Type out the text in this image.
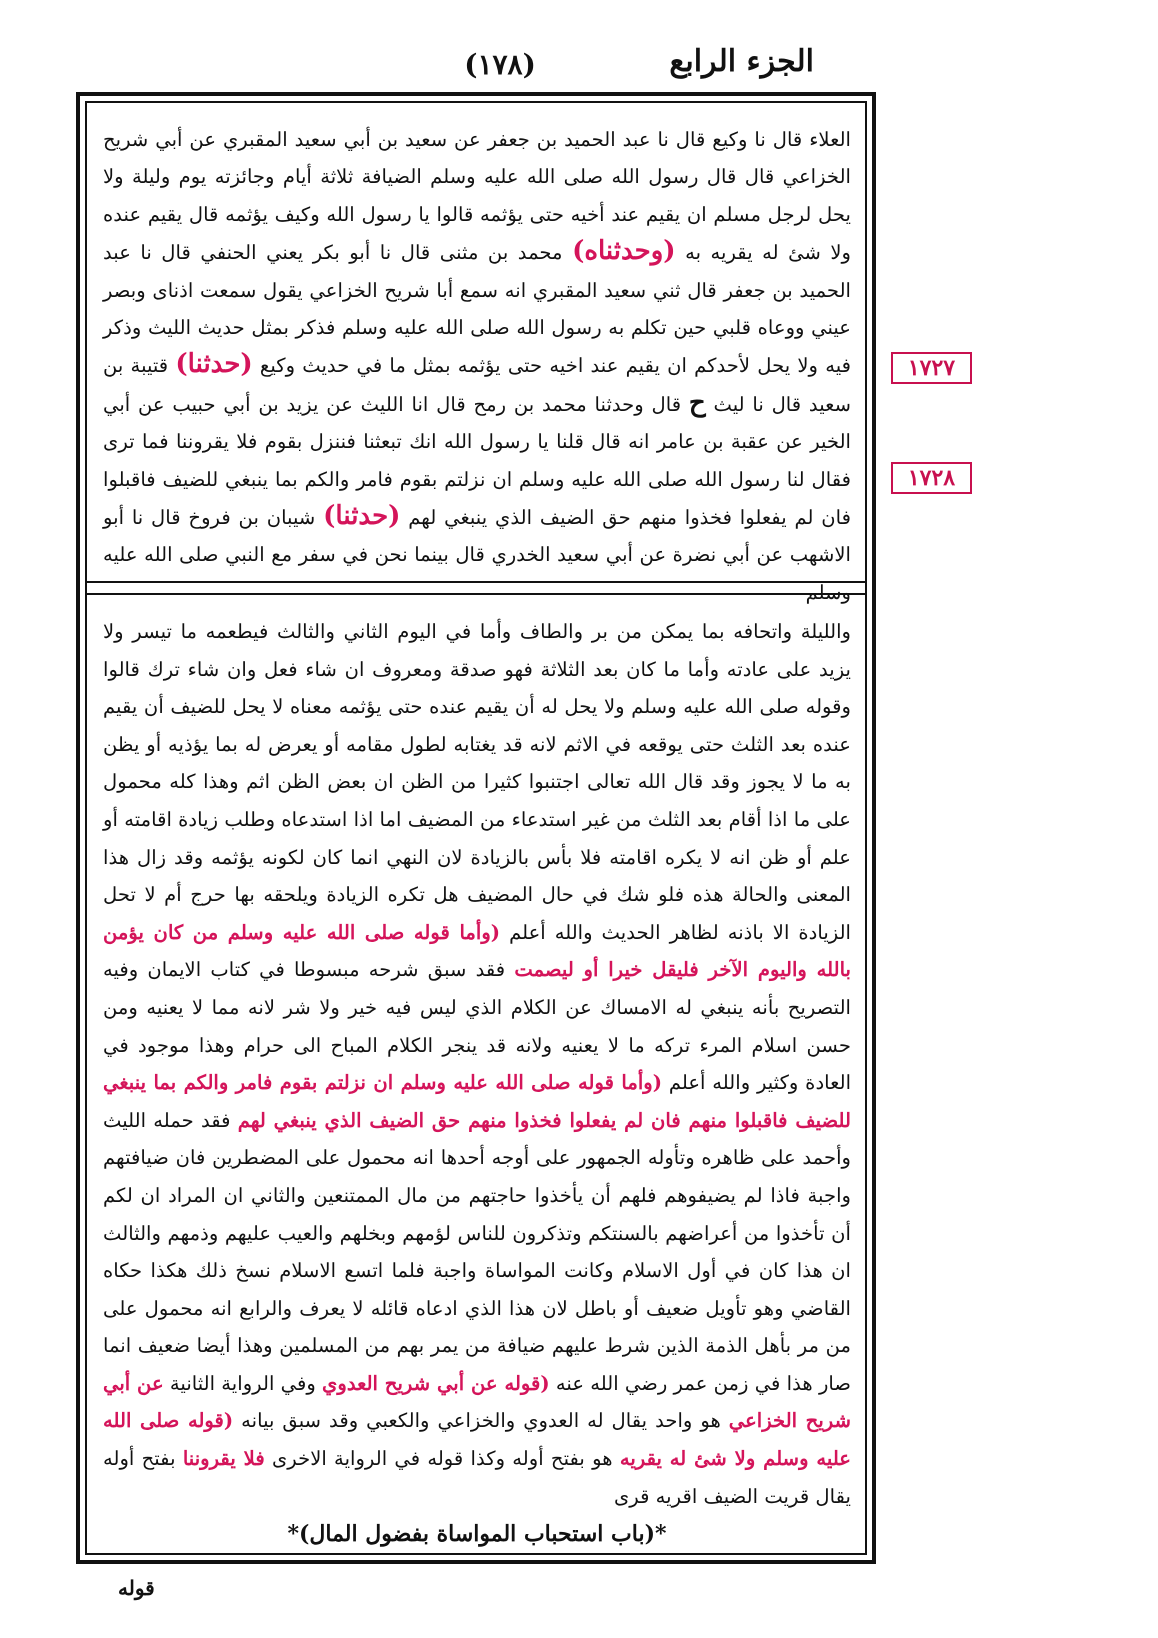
الجزء الرابع
(١٧٨)
العلاء قال نا وكيع قال نا عبد الحميد بن جعفر عن سعيد بن أبي سعيد المقبري عن أبي شريح الخزاعي قال قال رسول الله صلى الله عليه وسلم الضيافة ثلاثة أيام وجائزته يوم وليلة ولا يحل لرجل مسلم ان يقيم عند أخيه حتى يؤثمه قالوا يا رسول الله وكيف يؤثمه قال يقيم عنده ولا شئ له يقريه به (وحدثناه) محمد بن مثنى قال نا أبو بكر يعني الحنفي قال نا عبد الحميد بن جعفر قال ثني سعيد المقبري انه سمع أبا شريح الخزاعي يقول سمعت اذناى وبصر عيني ووعاه قلبي حين تكلم به رسول الله صلى الله عليه وسلم فذكر بمثل حديث الليث وذكر فيه ولا يحل لأحدكم ان يقيم عند اخيه حتى يؤثمه بمثل ما في حديث وكيع (حدثنا) قتيبة بن سعيد قال نا ليث ح قال وحدثنا محمد بن رمح قال انا الليث عن يزيد بن أبي حبيب عن أبي الخير عن عقبة بن عامر انه قال قلنا يا رسول الله انك تبعثنا فننزل بقوم فلا يقروننا فما ترى فقال لنا رسول الله صلى الله عليه وسلم ان نزلتم بقوم فامر والكم بما ينبغي للضيف فاقبلوا فان لم يفعلوا فخذوا منهم حق الضيف الذي ينبغي لهم (حدثنا) شيبان بن فروخ قال نا أبو الاشهب عن أبي نضرة عن أبي سعيد الخدري قال بينما نحن في سفر مع النبي صلى الله عليه وسلم
والليلة واتحافه بما يمكن من بر والطاف وأما في اليوم الثاني والثالث فيطعمه ما تيسر ولا يزيد على عادته وأما ما كان بعد الثلاثة فهو صدقة ومعروف ان شاء فعل وان شاء ترك قالوا وقوله صلى الله عليه وسلم ولا يحل له أن يقيم عنده حتى يؤثمه معناه لا يحل للضيف أن يقيم عنده بعد الثلث حتى يوقعه في الاثم لانه قد يغتابه لطول مقامه أو يعرض له بما يؤذيه أو يظن به ما لا يجوز وقد قال الله تعالى اجتنبوا كثيرا من الظن ان بعض الظن اثم وهذا كله محمول على ما اذا أقام بعد الثلث من غير استدعاء من المضيف اما اذا استدعاه وطلب زيادة اقامته أو علم أو ظن انه لا يكره اقامته فلا بأس بالزيادة لان النهي انما كان لكونه يؤثمه وقد زال هذا المعنى والحالة هذه فلو شك في حال المضيف هل تكره الزيادة ويلحقه بها حرج أم لا تحل الزيادة الا باذنه لظاهر الحديث والله أعلم (وأما قوله صلى الله عليه وسلم من كان يؤمن بالله واليوم الآخر فليقل خيرا أو ليصمت فقد سبق شرحه مبسوطا في كتاب الايمان وفيه التصريح بأنه ينبغي له الامساك عن الكلام الذي ليس فيه خير ولا شر لانه مما لا يعنيه ومن حسن اسلام المرء تركه ما لا يعنيه ولانه قد ينجر الكلام المباح الى حرام وهذا موجود في العادة وكثير والله أعلم (وأما قوله صلى الله عليه وسلم ان نزلتم بقوم فامر والكم بما ينبغي للضيف فاقبلوا منهم فان لم يفعلوا فخذوا منهم حق الضيف الذي ينبغي لهم فقد حمله الليث وأحمد على ظاهره وتأوله الجمهور على أوجه أحدها انه محمول على المضطرين فان ضيافتهم واجبة فاذا لم يضيفوهم فلهم أن يأخذوا حاجتهم من مال الممتنعين والثاني ان المراد ان لكم أن تأخذوا من أعراضهم بالسنتكم وتذكرون للناس لؤمهم وبخلهم والعيب عليهم وذمهم والثالث ان هذا كان في أول الاسلام وكانت المواساة واجبة فلما اتسع الاسلام نسخ ذلك هكذا حكاه القاضي وهو تأويل ضعيف أو باطل لان هذا الذي ادعاه قائله لا يعرف والرابع انه محمول على من مر بأهل الذمة الذين شرط عليهم ضيافة من يمر بهم من المسلمين وهذا أيضا ضعيف انما صار هذا في زمن عمر رضي الله عنه (قوله عن أبي شريح العدوي وفي الرواية الثانية عن أبي شريح الخزاعي هو واحد يقال له العدوي والخزاعي والكعبي وقد سبق بيانه (قوله صلى الله عليه وسلم ولا شئ له يقريه هو بفتح أوله وكذا قوله في الرواية الاخرى فلا يقروننا بفتح أوله يقال قريت الضيف اقريه قرى
*(باب استحباب المواساة بفضول المال)*
١٧٢٧
١٧٢٨
قوله
